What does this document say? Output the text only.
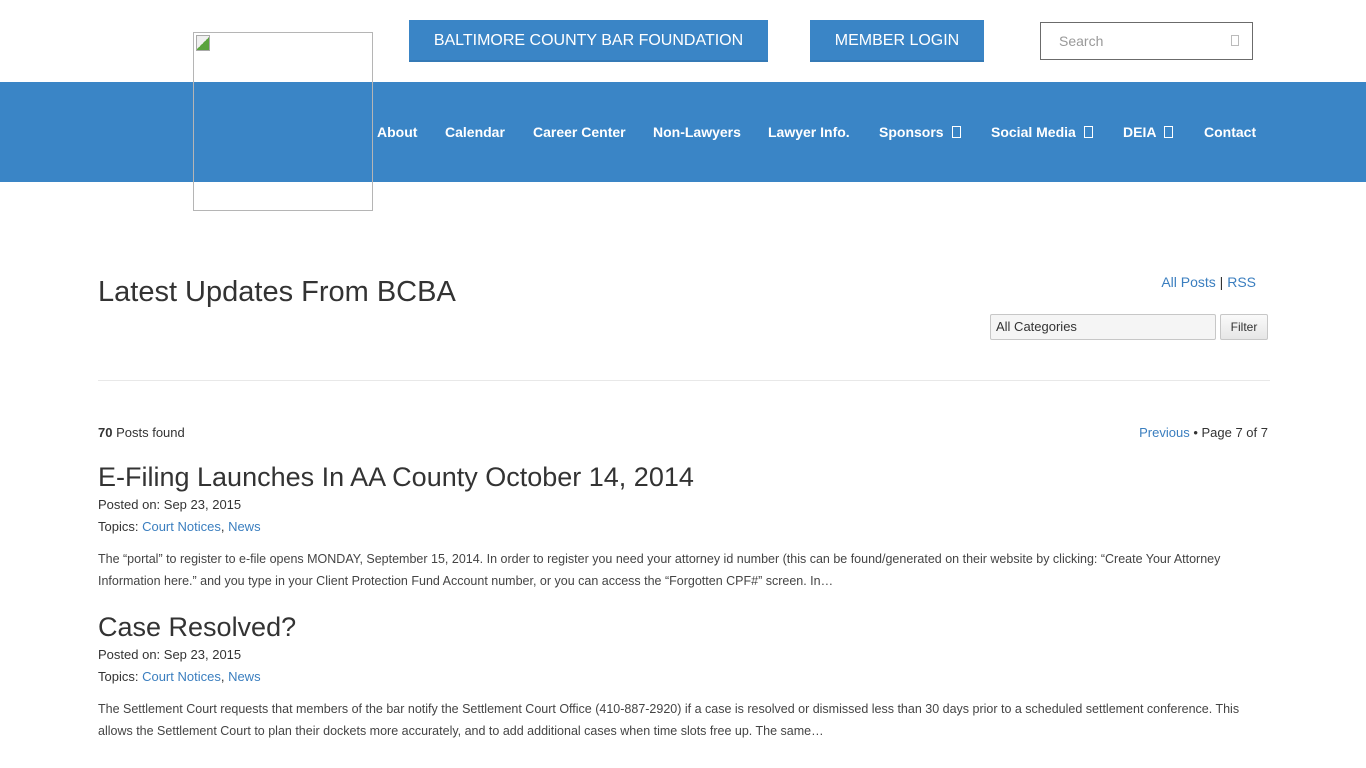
BALTIMORE COUNTY BAR FOUNDATION	MEMBER LOGIN
Search
About Calendar Career Center Non-Lawyers Lawyer Info. Sponsors	Social Media	DEIA	Contact
Latest Updates From BCBA	All Posts | RSS
All Categories	Filter
70 Posts found	Previous • Page 7 of 7
E-Filing Launches In AA County October 14, 2014
Posted on: Sep 23, 2015
Topics: Court Notices, News

The “portal” to register to e-file opens MONDAY, September 15, 2014. In order to register you need your attorney id number (this can be found/generated on their website by clicking: “Create Your Attorney Information here.” and you type in your Client Protection Fund Account number, or you can access the “Forgotten CPF#” screen. In…

Case Resolved?
Posted on: Sep 23, 2015
Topics: Court Notices, News

The Settlement Court requests that members of the bar notify the Settlement Court Office (410-887-2920) if a case is resolved or dismissed less than 30 days prior to a scheduled settlement conference. This allows the Settlement Court to plan their dockets more accurately, and to add additional cases when time slots free up. The same…
